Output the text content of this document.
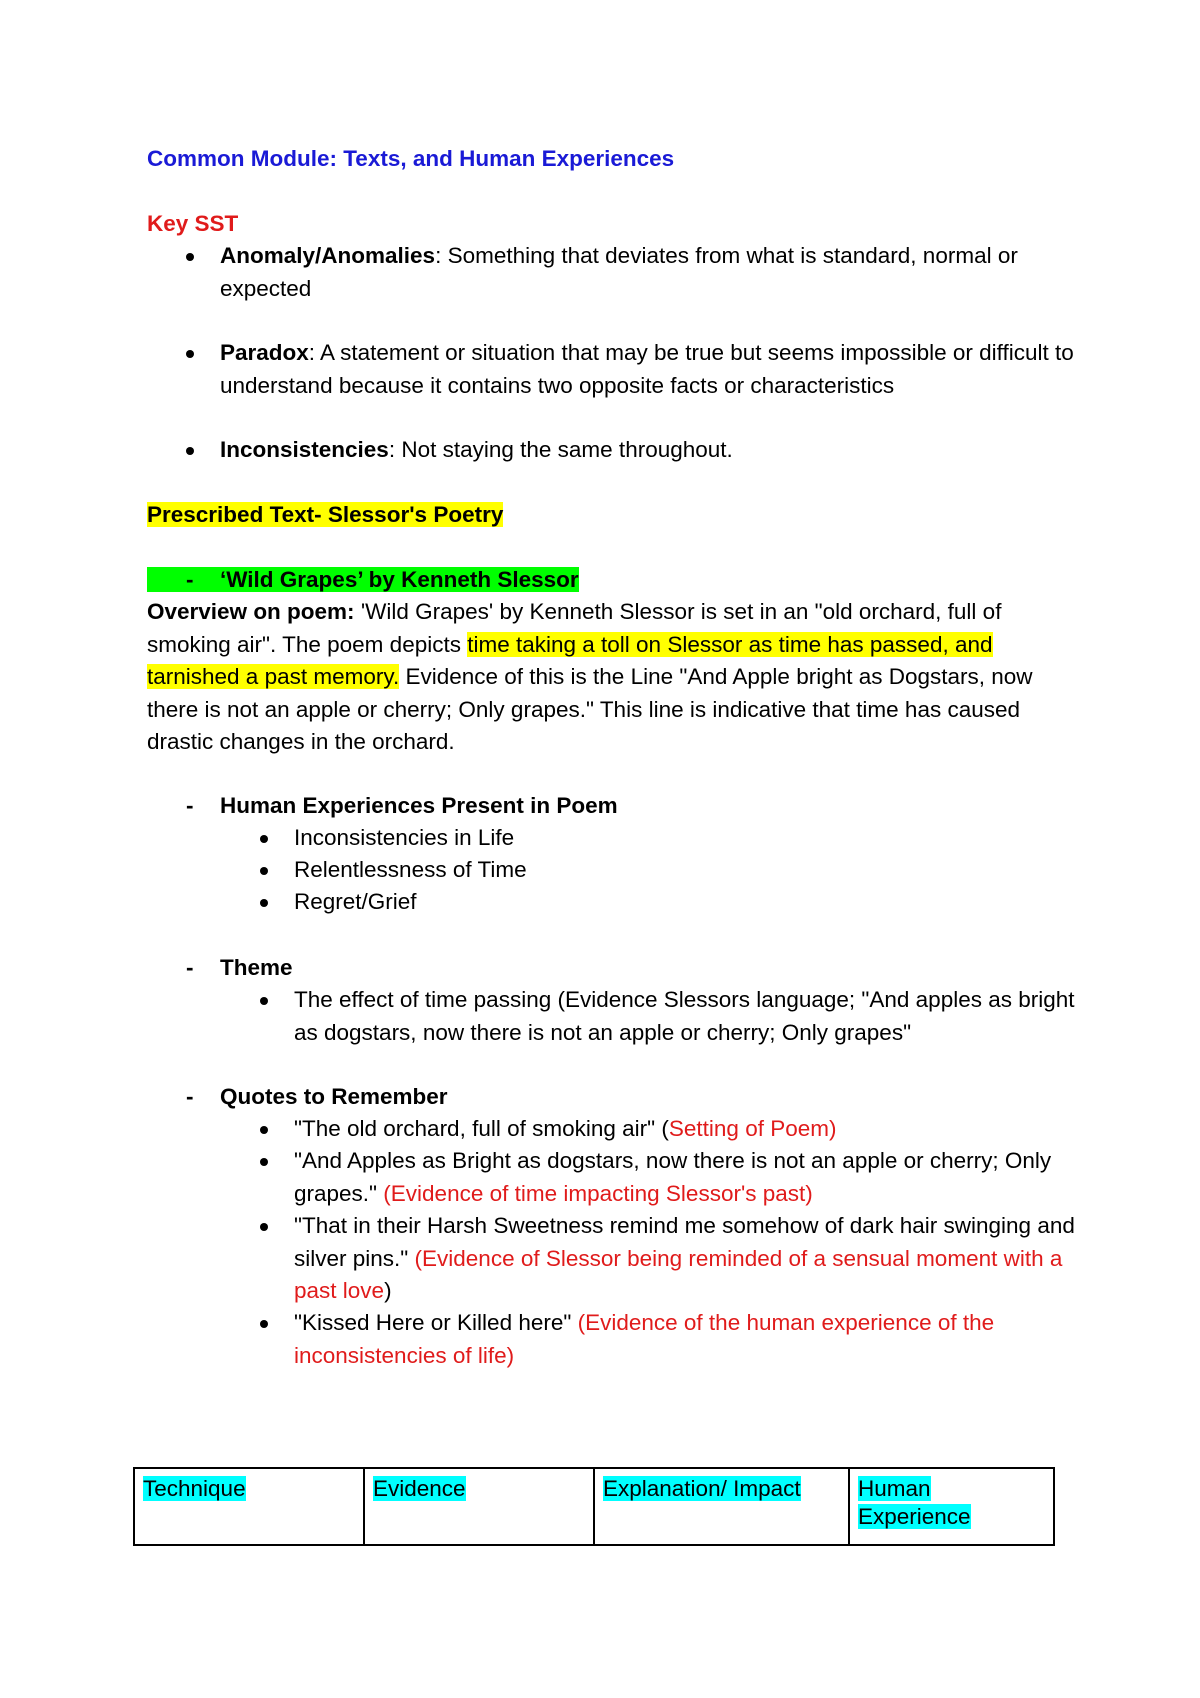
Common Module: Texts, and Human Experiences
Key SST
Anomaly/Anomalies: Something that deviates from what is standard, normal or expected
Paradox: A statement or situation that may be true but seems impossible or difficult to understand because it contains two opposite facts or characteristics
Inconsistencies: Not staying the same throughout.
Prescribed Text- Slessor's Poetry
- ‘Wild Grapes’ by Kenneth Slessor
Overview on poem: 'Wild Grapes' by Kenneth Slessor is set in an "old orchard, full of smoking air". The poem depicts time taking a toll on Slessor as time has passed, and tarnished a past memory. Evidence of this is the Line "And Apple bright as Dogstars, now there is not an apple or cherry; Only grapes." This line is indicative that time has caused drastic changes in the orchard.
- Human Experiences Present in Poem
Inconsistencies in Life
Relentlessness of Time
Regret/Grief
- Theme
The effect of time passing (Evidence Slessors language; "And apples as bright as dogstars, now there is not an apple or cherry; Only grapes"
- Quotes to Remember
"The old orchard, full of smoking air" (Setting of Poem)
"And Apples as Bright as dogstars, now there is not an apple or cherry; Only grapes." (Evidence of time impacting Slessor's past)
"That in their Harsh Sweetness remind me somehow of dark hair swinging and silver pins." (Evidence of Slessor being reminded of a sensual moment with a past love)
"Kissed Here or Killed here" (Evidence of the human experience of the inconsistencies of life)
Technique	Evidence	Explanation/ Impact	Human Experience
